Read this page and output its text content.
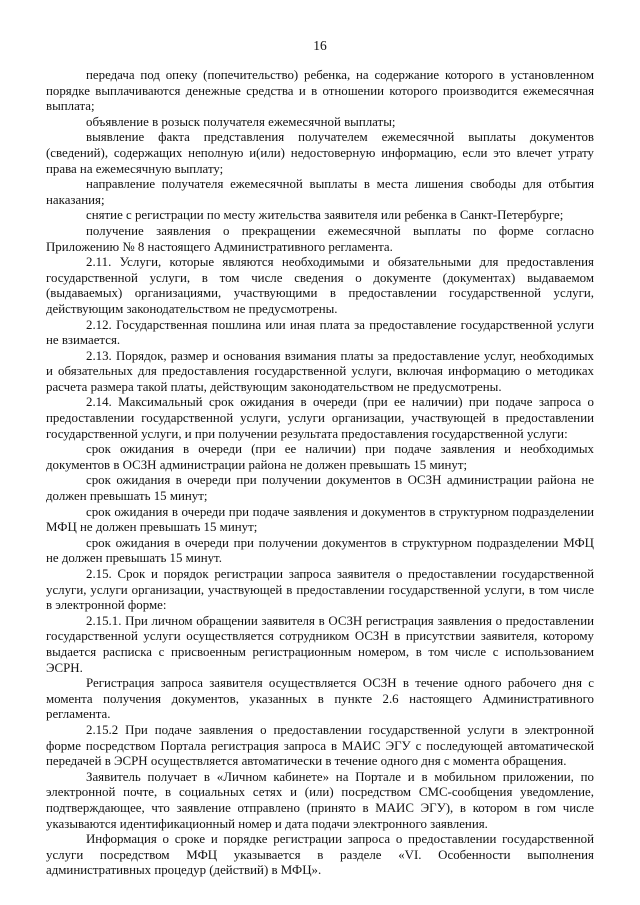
16

передача под опеку (попечительство) ребенка, на содержание которого в установленном порядке выплачиваются денежные средства и в отношении которого производится ежемесячная выплата;

объявление в розыск получателя ежемесячной выплаты;

выявление факта представления получателем ежемесячной выплаты документов (сведений), содержащих неполную и(или) недостоверную информацию, если это влечет утрату права на ежемесячную выплату;

направление получателя ежемесячной выплаты в места лишения свободы для отбытия наказания;

снятие с регистрации по месту жительства заявителя или ребенка в Санкт-Петербурге;

получение заявления о прекращении ежемесячной выплаты по форме согласно Приложению № 8 настоящего Административного регламента.

2.11. Услуги, которые являются необходимыми и обязательными для предоставления государственной услуги, в том числе сведения о документе (документах) выдаваемом (выдаваемых) организациями, участвующими в предоставлении государственной услуги, действующим законодательством не предусмотрены.

2.12. Государственная пошлина или иная плата за предоставление государственной услуги не взимается.

2.13. Порядок, размер и основания взимания платы за предоставление услуг, необходимых и обязательных для предоставления государственной услуги, включая информацию о методиках расчета размера такой платы, действующим законодательством не предусмотрены.

2.14. Максимальный срок ожидания в очереди (при ее наличии) при подаче запроса о предоставлении государственной услуги, услуги организации, участвующей в предоставлении государственной услуги, и при получении результата предоставления государственной услуги:

срок ожидания в очереди (при ее наличии) при подаче заявления и необходимых документов в ОСЗН администрации района не должен превышать 15 минут;

срок ожидания в очереди при получении документов в ОСЗН администрации района не должен превышать 15 минут;

срок ожидания в очереди при подаче заявления и документов в структурном подразделении МФЦ не должен превышать 15 минут;

срок ожидания в очереди при получении документов в структурном подразделении МФЦ не должен превышать 15 минут.

2.15. Срок и порядок регистрации запроса заявителя о предоставлении государственной услуги, услуги организации, участвующей в предоставлении государственной услуги, в том числе в электронной форме:

2.15.1. При личном обращении заявителя в ОСЗН регистрация заявления о предоставлении государственной услуги осуществляется сотрудником ОСЗН в присутствии заявителя, которому выдается расписка с присвоенным регистрационным номером, в том числе с использованием ЭСРН.

Регистрация запроса заявителя осуществляется ОСЗН в течение одного рабочего дня с момента получения документов, указанных в пункте 2.6 настоящего Административного регламента.

2.15.2 При подаче заявления о предоставлении государственной услуги в электронной форме посредством Портала регистрация запроса в МАИС ЭГУ с последующей автоматической передачей в ЭСРН осуществляется автоматически в течение одного дня с момента обращения.

Заявитель получает в «Личном кабинете» на Портале и в мобильном приложении, по электронной почте, в социальных сетях и (или) посредством СМС-сообщения уведомление, подтверждающее, что заявление отправлено (принято в МАИС ЭГУ), в котором в гом числе указываются идентификационный номер и дата подачи электронного заявления.

Информация о сроке и порядке регистрации запроса о предоставлении государственной услуги посредством МФЦ указывается в разделе «VI. Особенности выполнения административных процедур (действий) в МФЦ».
